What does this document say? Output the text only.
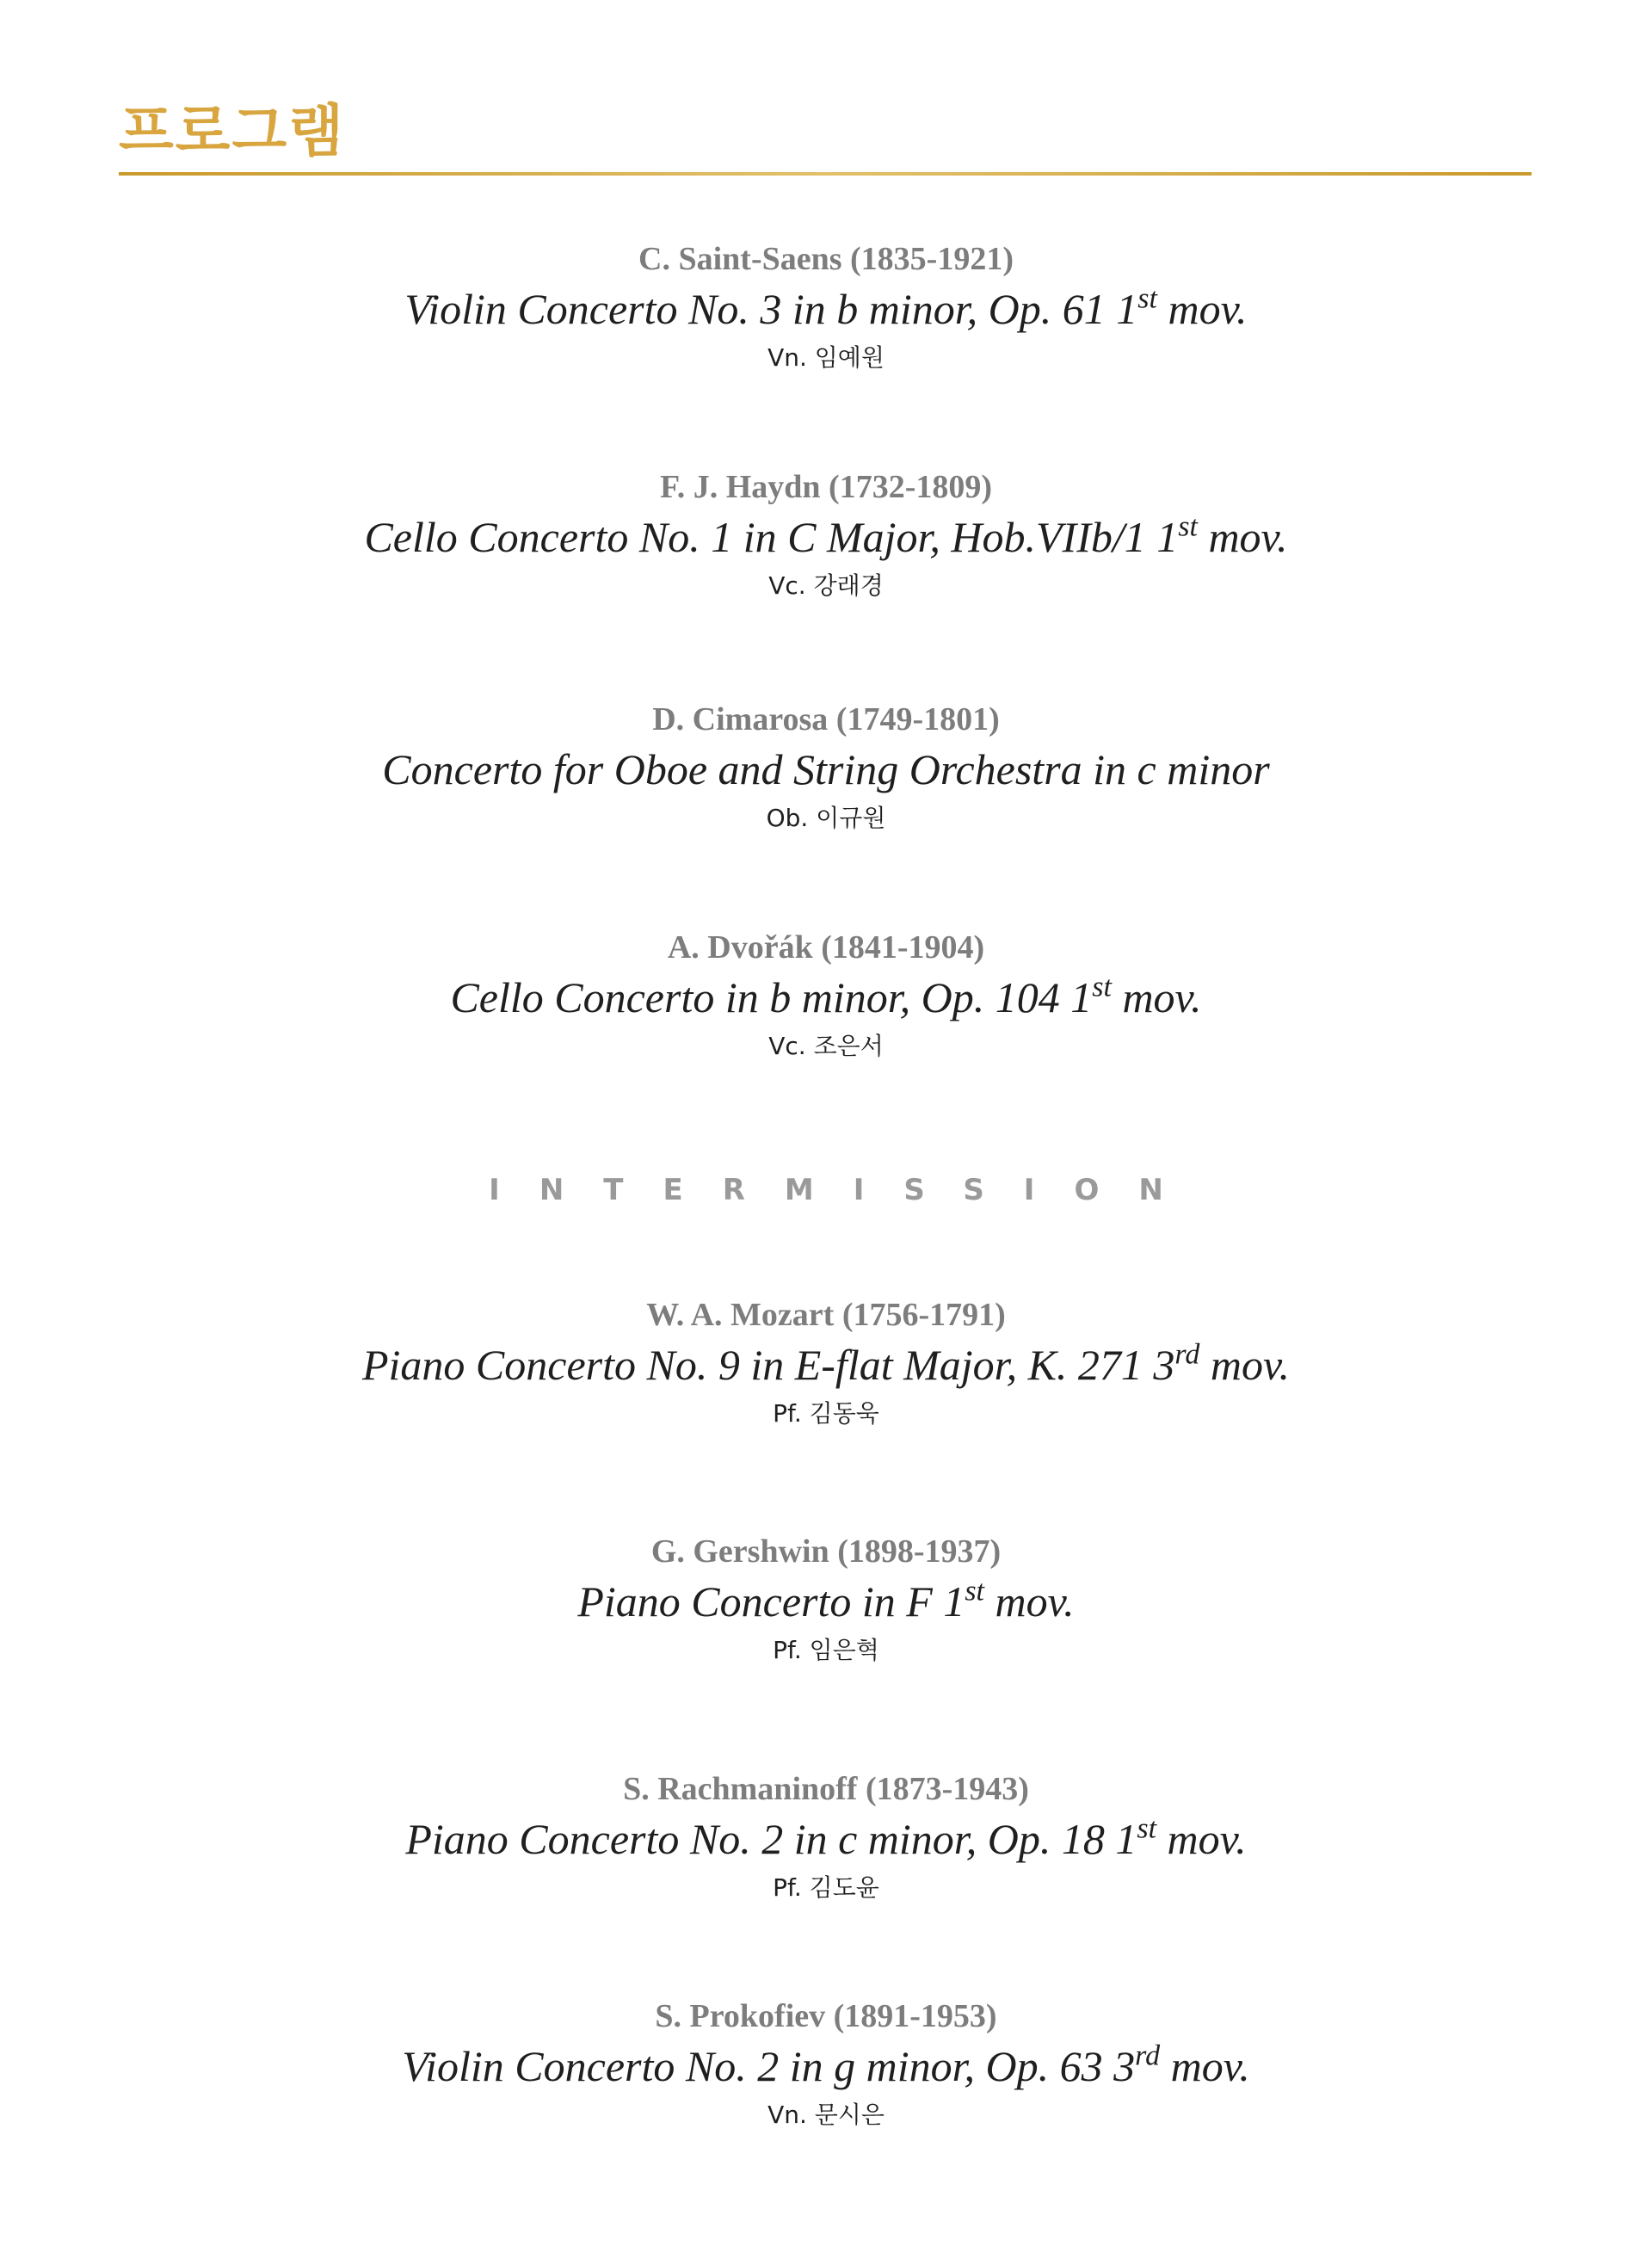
프로그램
C. Saint-Saens (1835-1921)
Violin Concerto No. 3 in b minor, Op. 61 1st mov.
Vn. 임예원
F. J. Haydn (1732-1809)
Cello Concerto No. 1 in C Major, Hob.VIIb/1 1st mov.
Vc. 강래경
D. Cimarosa (1749-1801)
Concerto for Oboe and String Orchestra in c minor
Ob. 이규원
A. Dvořák (1841-1904)
Cello Concerto in b minor, Op. 104 1st mov.
Vc. 조은서
INTERMISSION
W. A. Mozart (1756-1791)
Piano Concerto No. 9 in E-flat Major, K. 271 3rd mov.
Pf. 김동욱
G. Gershwin (1898-1937)
Piano Concerto in F 1st mov.
Pf. 임은혁
S. Rachmaninoff (1873-1943)
Piano Concerto No. 2 in c minor, Op. 18 1st mov.
Pf. 김도윤
S. Prokofiev (1891-1953)
Violin Concerto No. 2 in g minor, Op. 63 3rd mov.
Vn. 문시은
